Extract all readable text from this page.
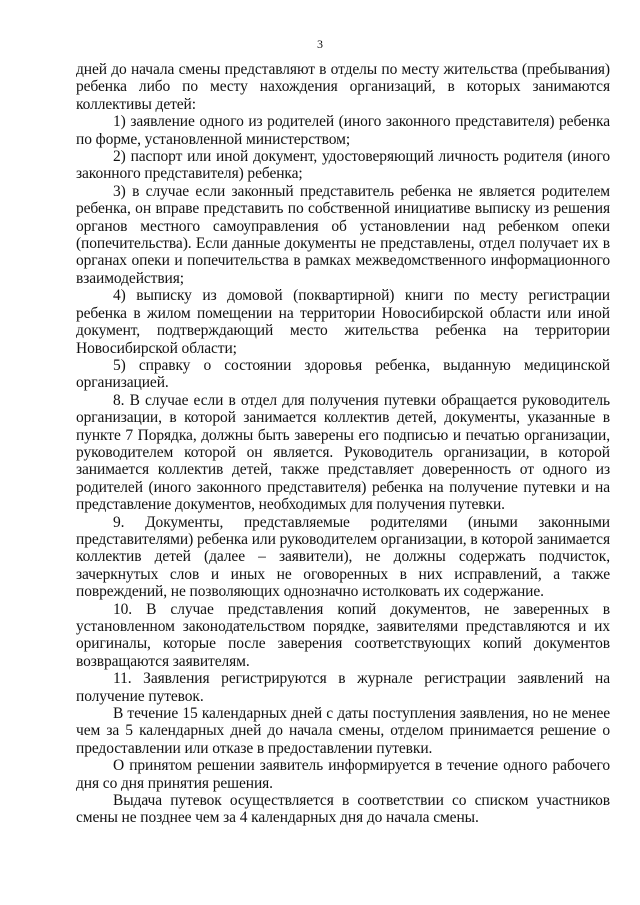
3

дней до начала смены представляют в отделы по месту жительства (пребывания) ребенка либо по месту нахождения организаций, в которых занимаются коллективы детей:

1) заявление одного из родителей (иного законного представителя) ребенка по форме, установленной министерством;

2) паспорт или иной документ, удостоверяющий личность родителя (иного законного представителя) ребенка;

3) в случае если законный представитель ребенка не является родителем ребенка, он вправе представить по собственной инициативе выписку из решения органов местного самоуправления об установлении над ребенком опеки (попечительства). Если данные документы не представлены, отдел получает их в органах опеки и попечительства в рамках межведомственного информационного взаимодействия;

4) выписку из домовой (поквартирной) книги по месту регистрации ребенка в жилом помещении на территории Новосибирской области или иной документ, подтверждающий место жительства ребенка на территории Новосибирской области;

5) справку о состоянии здоровья ребенка, выданную медицинской организацией.

8. В случае если в отдел для получения путевки обращается руководитель организации, в которой занимается коллектив детей, документы, указанные в пункте 7 Порядка, должны быть заверены его подписью и печатью организации, руководителем которой он является. Руководитель организации, в которой занимается коллектив детей, также представляет доверенность от одного из родителей (иного законного представителя) ребенка на получение путевки и на представление документов, необходимых для получения путевки.

9. Документы, представляемые родителями (иными законными представителями) ребенка или руководителем организации, в которой занимается коллектив детей (далее – заявители), не должны содержать подчисток, зачеркнутых слов и иных не оговоренных в них исправлений, а также повреждений, не позволяющих однозначно истолковать их содержание.

10. В случае представления копий документов, не заверенных в установленном законодательством порядке, заявителями представляются и их оригиналы, которые после заверения соответствующих копий документов возвращаются заявителям.

11. Заявления регистрируются в журнале регистрации заявлений на получение путевок.

В течение 15 календарных дней с даты поступления заявления, но не менее чем за 5 календарных дней до начала смены, отделом принимается решение о предоставлении или отказе в предоставлении путевки.

О принятом решении заявитель информируется в течение одного рабочего дня со дня принятия решения.

Выдача путевок осуществляется в соответствии со списком участников смены не позднее чем за 4 календарных дня до начала смены.
